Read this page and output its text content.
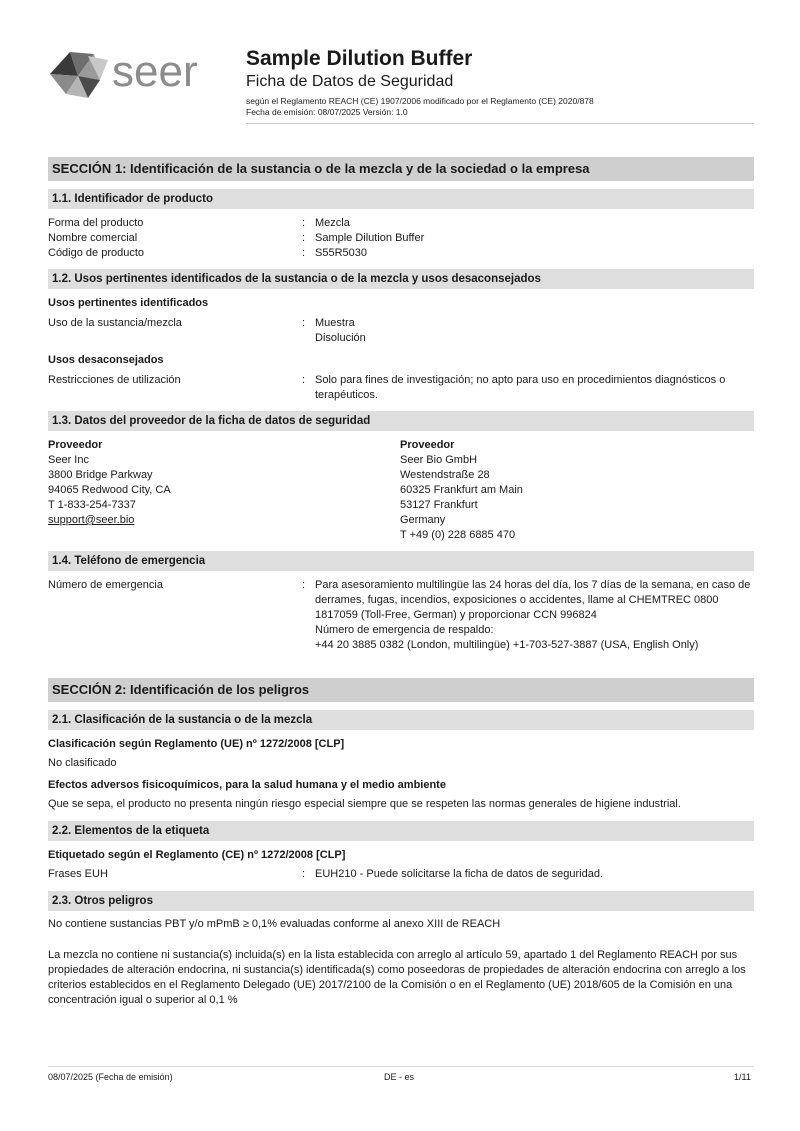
seer Sample Dilution Buffer
Ficha de Datos de Seguridad
según el Reglamento REACH (CE) 1907/2006 modificado por el Reglamento (CE) 2020/878
Fecha de emisión: 08/07/2025 Versión: 1.0
SECCIÓN 1: Identificación de la sustancia o de la mezcla y de la sociedad o la empresa
1.1. Identificador de producto
Forma del producto	: Mezcla
Nombre comercial	: Sample Dilution Buffer
Código de producto	: S55R5030
1.2. Usos pertinentes identificados de la sustancia o de la mezcla y usos desaconsejados
Usos pertinentes identificados
Uso de la sustancia/mezcla	: Muestra
Disolución
Usos desaconsejados
Restricciones de utilización	: Solo para fines de investigación; no apto para uso en procedimientos diagnósticos o
terapéuticos.
1.3. Datos del proveedor de la ficha de datos de seguridad
Proveedor
Seer Inc
3800 Bridge Parkway
94065 Redwood City, CA
T 1-833-254-7337
support@seer.bio
Proveedor
Seer Bio GmbH
Westendstraße 28
60325 Frankfurt am Main
53127 Frankfurt
Germany
T +49 (0) 228 6885 470
1.4. Teléfono de emergencia
Número de emergencia	: Para asesoramiento multilingüe las 24 horas del día, los 7 días de la semana, en caso de
derrames, fugas, incendios, exposiciones o accidentes, llame al CHEMTREC 0800
1817059 (Toll-Free, German) y proporcionar CCN 996824
Número de emergencia de respaldo:
+44 20 3885 0382 (London, multilingüe) +1-703-527-3887 (USA, English Only)
SECCIÓN 2: Identificación de los peligros
2.1. Clasificación de la sustancia o de la mezcla
Clasificación según Reglamento (UE) nº 1272/2008 [CLP]
No clasificado
Efectos adversos fisicoquímicos, para la salud humana y el medio ambiente
Que se sepa, el producto no presenta ningún riesgo especial siempre que se respeten las normas generales de higiene industrial.
2.2. Elementos de la etiqueta
Etiquetado según el Reglamento (CE) nº 1272/2008 [CLP]
Frases EUH	: EUH210 - Puede solicitarse la ficha de datos de seguridad.
2.3. Otros peligros
No contiene sustancias PBT y/o mPmB ≥ 0,1% evaluadas conforme al anexo XIII de REACH
La mezcla no contiene ni sustancia(s) incluida(s) en la lista establecida con arreglo al artículo 59, apartado 1 del Reglamento REACH por sus
propiedades de alteración endocrina, ni sustancia(s) identificada(s) como poseedoras de propiedades de alteración endocrina con arreglo a los
criterios establecidos en el Reglamento Delegado (UE) 2017/2100 de la Comisión o en el Reglamento (UE) 2018/605 de la Comisión en una
concentración igual o superior al 0,1 %
08/07/2025 (Fecha de emisión)	DE - es	1/11
